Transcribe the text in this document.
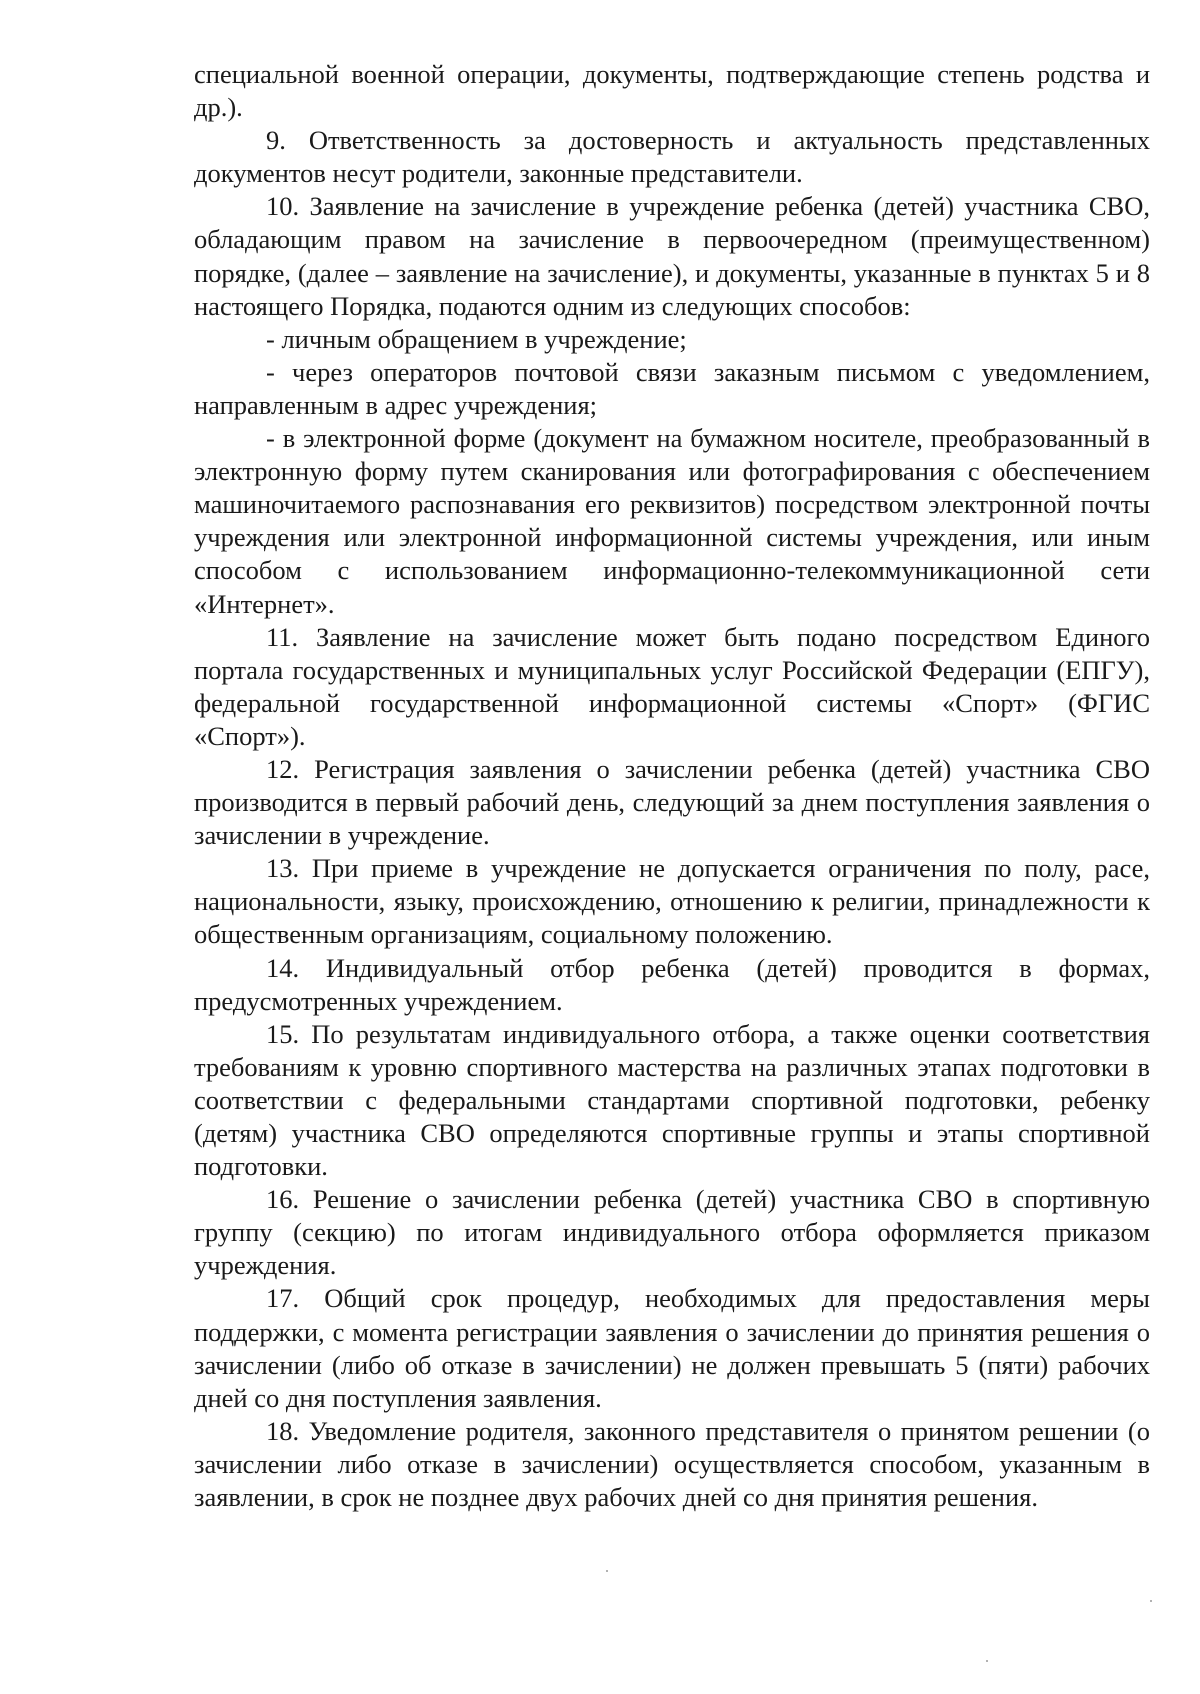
специальной военной операции, документы, подтверждающие степень родства и др.).

9. Ответственность за достоверность и актуальность представленных документов несут родители, законные представители.

10. Заявление на зачисление в учреждение ребенка (детей) участника СВО, обладающим правом на зачисление в первоочередном (преимущественном) порядке, (далее – заявление на зачисление), и документы, указанные в пунктах 5 и 8 настоящего Порядка, подаются одним из следующих способов:

- личным обращением в учреждение;

- через операторов почтовой связи заказным письмом с уведомлением, направленным в адрес учреждения;

- в электронной форме (документ на бумажном носителе, преобразованный в электронную форму путем сканирования или фотографирования с обеспечением машиночитаемого распознавания его реквизитов) посредством электронной почты учреждения или электронной информационной системы учреждения, или иным способом с использованием информационно-телекоммуникационной сети «Интернет».

11. Заявление на зачисление может быть подано посредством Единого портала государственных и муниципальных услуг Российской Федерации (ЕПГУ), федеральной государственной информационной системы «Спорт» (ФГИС «Спорт»).

12. Регистрация заявления о зачислении ребенка (детей) участника СВО производится в первый рабочий день, следующий за днем поступления заявления о зачислении в учреждение.

13. При приеме в учреждение не допускается ограничения по полу, расе, национальности, языку, происхождению, отношению к религии, принадлежности к общественным организациям, социальному положению.

14. Индивидуальный отбор ребенка (детей) проводится в формах, предусмотренных учреждением.

15. По результатам индивидуального отбора, а также оценки соответствия требованиям к уровню спортивного мастерства на различных этапах подготовки в соответствии с федеральными стандартами спортивной подготовки, ребенку (детям) участника СВО определяются спортивные группы и этапы спортивной подготовки.

16. Решение о зачислении ребенка (детей) участника СВО в спортивную группу (секцию) по итогам индивидуального отбора оформляется приказом учреждения.

17. Общий срок процедур, необходимых для предоставления меры поддержки, с момента регистрации заявления о зачислении до принятия решения о зачислении (либо об отказе в зачислении) не должен превышать 5 (пяти) рабочих дней со дня поступления заявления.

18. Уведомление родителя, законного представителя о принятом решении (о зачислении либо отказе в зачислении) осуществляется способом, указанным в заявлении, в срок не позднее двух рабочих дней со дня принятия решения.
